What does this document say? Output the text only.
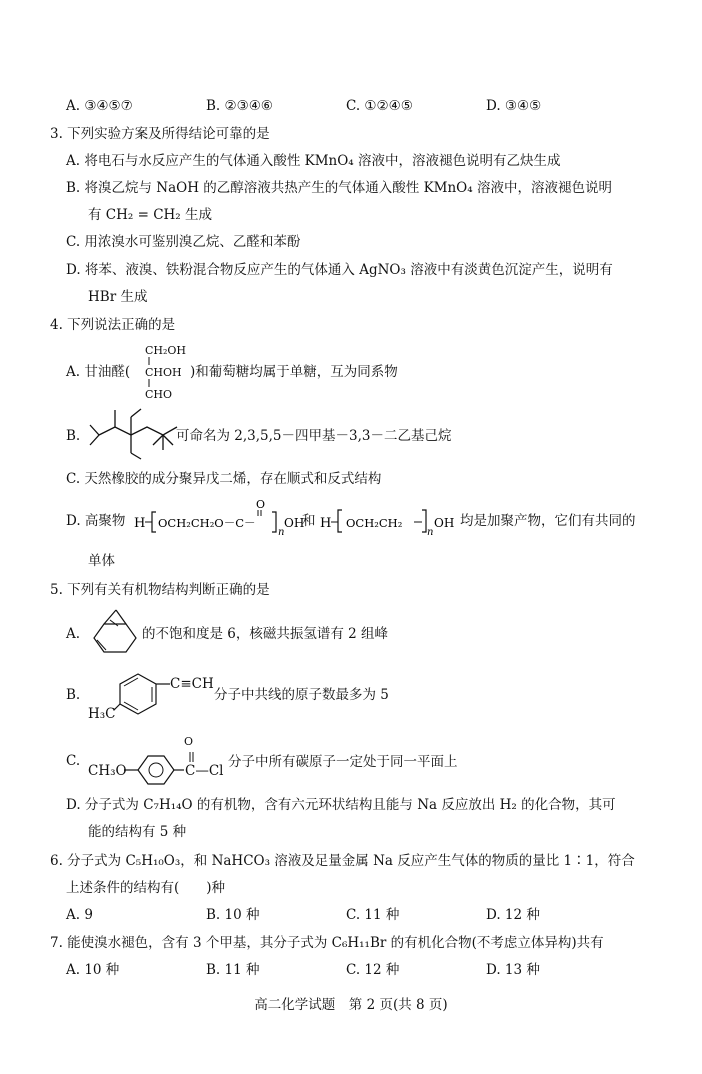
A. ③④⑤⑦	B. ②③④⑥	C. ①②④⑤	D. ③④⑤
3. 下列实验方案及所得结论可靠的是
A. 将电石与水反应产生的气体通入酸性 KMnO₄ 溶液中，溶液褪色说明有乙炔生成
B. 将溴乙烷与 NaOH 的乙醇溶液共热产生的气体通入酸性 KMnO₄ 溶液中，溶液褪色说明
有 CH₂ = CH₂ 生成
C. 用浓溴水可鉴别溴乙烷、乙醛和苯酚
D. 将苯、液溴、铁粉混合物反应产生的气体通入 AgNO₃ 溶液中有淡黄色沉淀产生，说明有
HBr 生成
4. 下列说法正确的是
A. 甘油醛(
CH₂OH
CHOH
CHO
)和葡萄糖均属于单糖，互为同系物
B.	可命名为 2,3,5,5－四甲基－3,3－二乙基己烷
C. 天然橡胶的成分聚异戊二烯，存在顺式和反式结构
D. 高聚物 H OCH₂CH₂O－C－
O
n
OH
和 H OCH₂CH₂
n
OH 均是加聚产物，它们有共同的
单体
5. 下列有关有机物结构判断正确的是
A.	的不饱和度是 6，核磁共振氢谱有 2 组峰
B.
C≡CH
H₃C
分子中共线的原子数最多为 5
C.
CH₃O
O
C—Cl
分子中所有碳原子一定处于同一平面上
D. 分子式为 C₇H₁₄O 的有机物，含有六元环状结构且能与 Na 反应放出 H₂ 的化合物，其可
能的结构有 5 种
6. 分子式为 C₅H₁₀O₃，和 NaHCO₃ 溶液及足量金属 Na 反应产生气体的物质的量比 1∶1，符合
上述条件的结构有(　　)种
A. 9	B. 10 种	C. 11 种	D. 12 种
7. 能使溴水褪色，含有 3 个甲基，其分子式为 C₆H₁₁Br 的有机化合物(不考虑立体异构)共有
A. 10 种	B. 11 种	C. 12 种	D. 13 种
高二化学试题　第 2 页(共 8 页)
